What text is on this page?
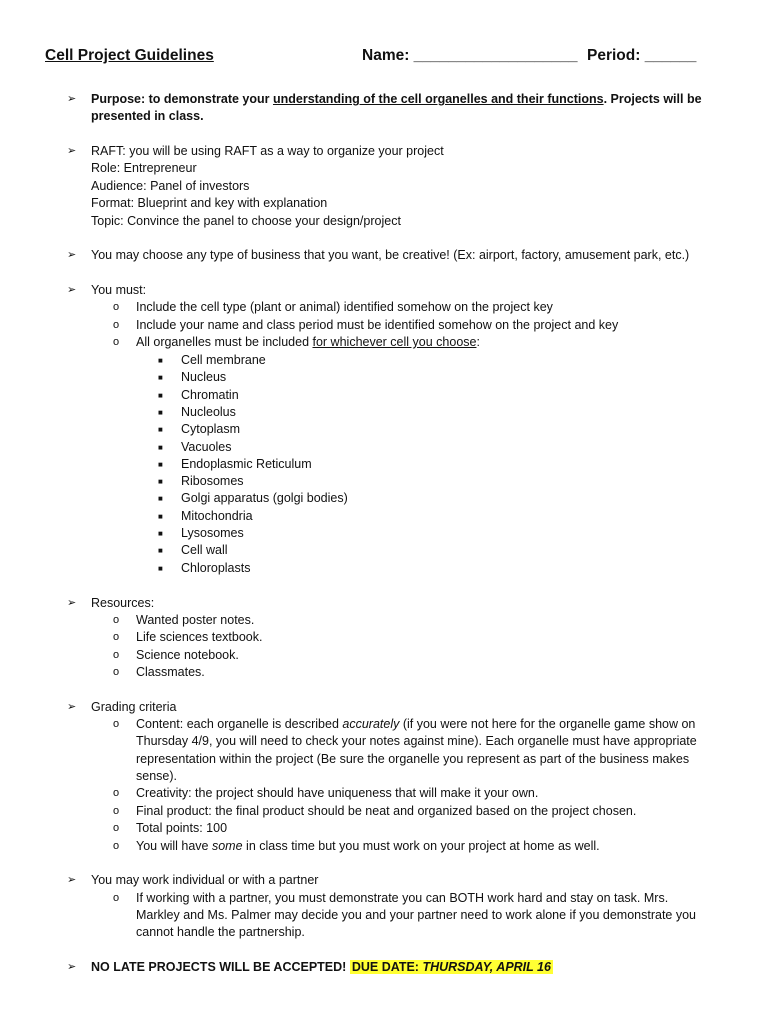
Cell Project Guidelines	Name: ___________________ Period: ______
➢ Purpose: to demonstrate your understanding of the cell organelles and their functions. Projects will be
presented in class.
➢ RAFT: you will be using RAFT as a way to organize your project
Role: Entrepreneur
Audience: Panel of investors
Format: Blueprint and key with explanation
Topic: Convince the panel to choose your design/project
➢ You may choose any type of business that you want, be creative! (Ex: airport, factory, amusement park, etc.)
➢ You must:
o Include the cell type (plant or animal) identified somehow on the project key
o Include your name and class period must be identified somehow on the project and key
o All organelles must be included for whichever cell you choose:
■ Cell membrane
■ Nucleus
■ Chromatin
■ Nucleolus
■ Cytoplasm
■ Vacuoles
■ Endoplasmic Reticulum
■ Ribosomes
■ Golgi apparatus (golgi bodies)
■ Mitochondria
■ Lysosomes
■ Cell wall
■ Chloroplasts
➢ Resources:
o Wanted poster notes.
o Life sciences textbook.
o Science notebook.
o Classmates.
➢ Grading criteria
o Content: each organelle is described accurately (if you were not here for the organelle game show on
Thursday 4/9, you will need to check your notes against mine). Each organelle must have appropriate
representation within the project (Be sure the organelle you represent as part of the business makes
sense).
o Creativity: the project should have uniqueness that will make it your own.
o Final product: the final product should be neat and organized based on the project chosen.
o Total points: 100
o You will have some in class time but you must work on your project at home as well.
➢ You may work individual or with a partner
o If working with a partner, you must demonstrate you can BOTH work hard and stay on task. Mrs.
Markley and Ms. Palmer may decide you and your partner need to work alone if you demonstrate you
cannot handle the partnership.
➢ NO LATE PROJECTS WILL BE ACCEPTED! DUE DATE: THURSDAY, APRIL 16
